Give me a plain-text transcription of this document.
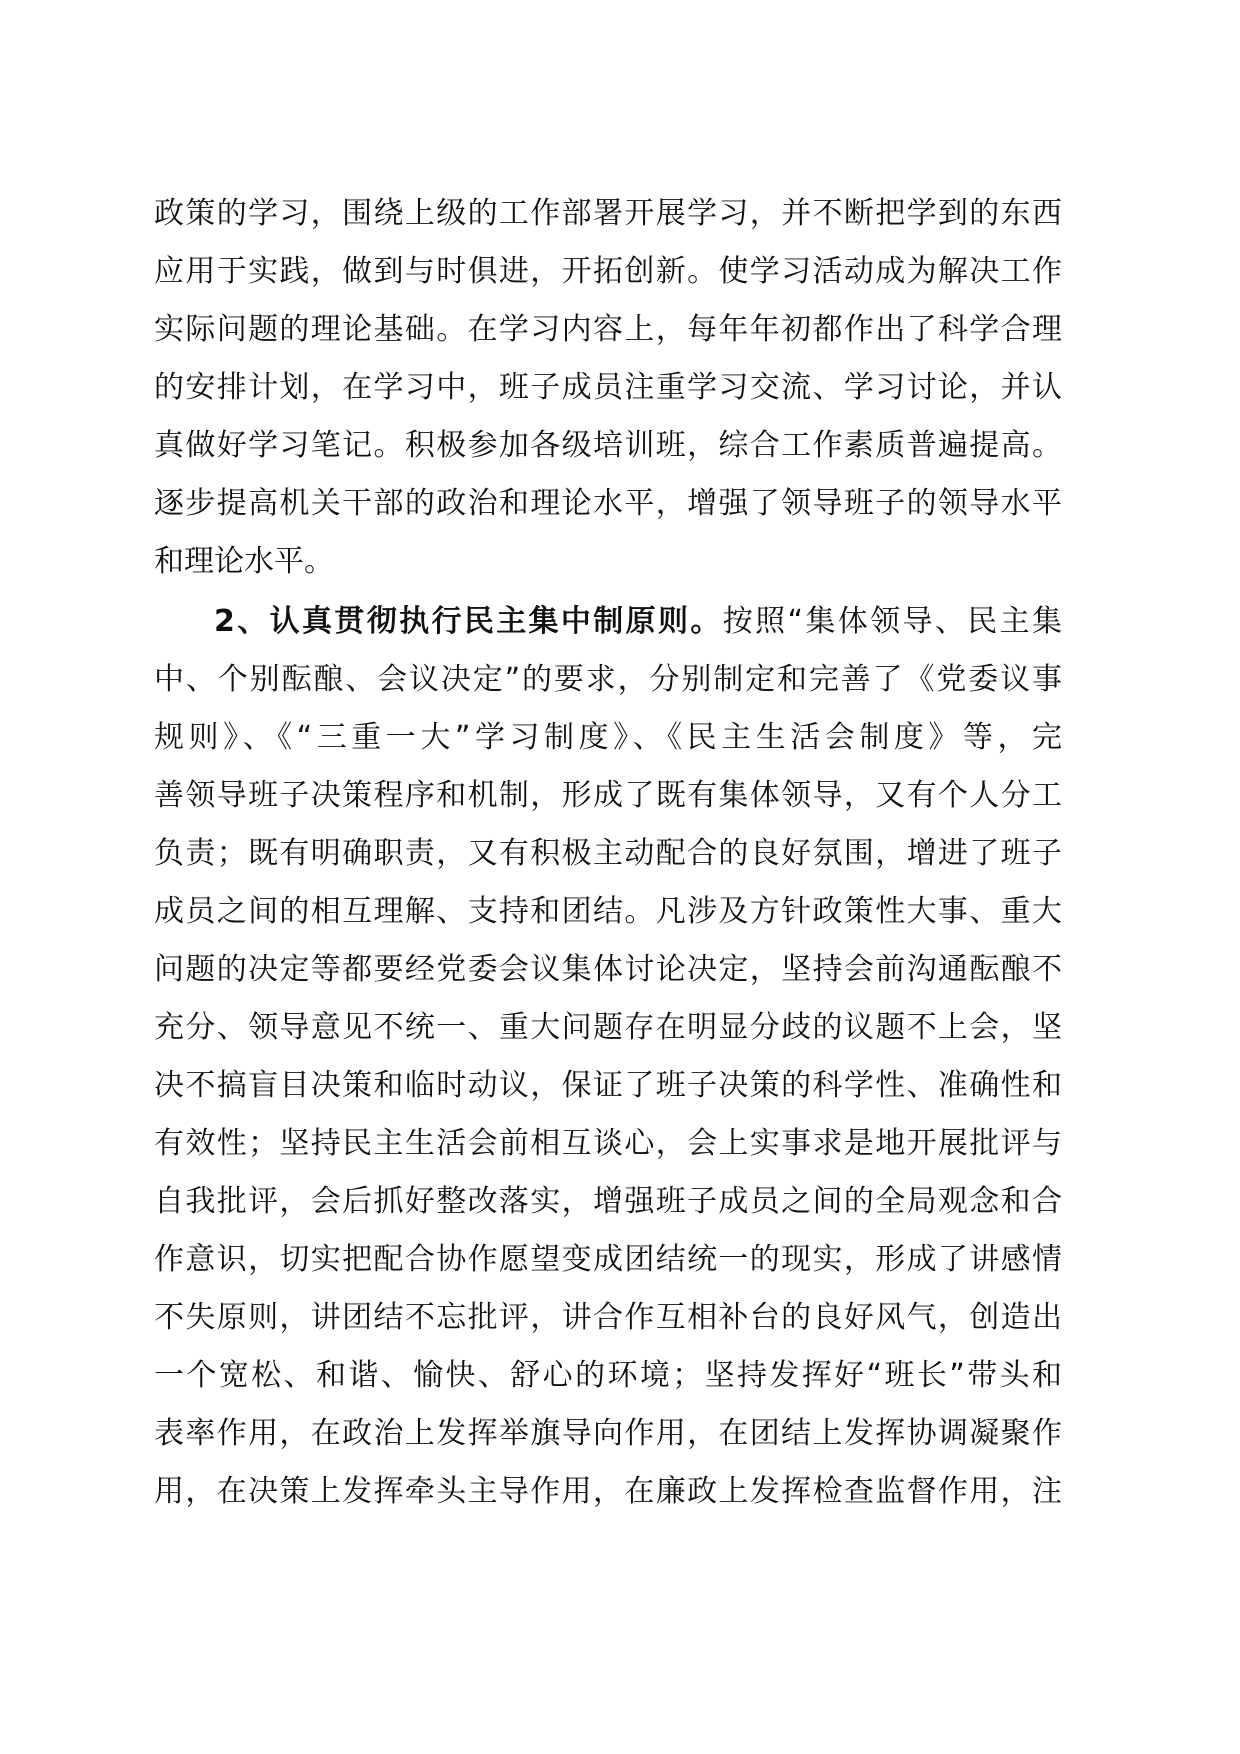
政策的学习，围绕上级的工作部署开展学习，并不断把学到的东西
应用于实践，做到与时俱进，开拓创新。使学习活动成为解决工作
实际问题的理论基础。在学习内容上，每年年初都作出了科学合理
的安排计划，在学习中，班子成员注重学习交流、学习讨论，并认
真做好学习笔记。积极参加各级培训班，综合工作素质普遍提高。
逐步提高机关干部的政治和理论水平，增强了领导班子的领导水平
和理论水平。
2、认真贯彻执行民主集中制原则。按照“集体领导、民主集
中、个别酝酿、会议决定”的要求，分别制定和完善了《党委议事
规则》、《“三重一大”学习制度》、《民主生活会制度》等，完
善领导班子决策程序和机制，形成了既有集体领导，又有个人分工
负责；既有明确职责，又有积极主动配合的良好氛围，增进了班子
成员之间的相互理解、支持和团结。凡涉及方针政策性大事、重大
问题的决定等都要经党委会议集体讨论决定，坚持会前沟通酝酿不
充分、领导意见不统一、重大问题存在明显分歧的议题不上会，坚
决不搞盲目决策和临时动议，保证了班子决策的科学性、准确性和
有效性；坚持民主生活会前相互谈心，会上实事求是地开展批评与
自我批评，会后抓好整改落实，增强班子成员之间的全局观念和合
作意识，切实把配合协作愿望变成团结统一的现实，形成了讲感情
不失原则，讲团结不忘批评，讲合作互相补台的良好风气，创造出
一个宽松、和谐、愉快、舒心的环境；坚持发挥好“班长”带头和
表率作用，在政治上发挥举旗导向作用，在团结上发挥协调凝聚作
用，在决策上发挥牵头主导作用，在廉政上发挥检查监督作用，注
